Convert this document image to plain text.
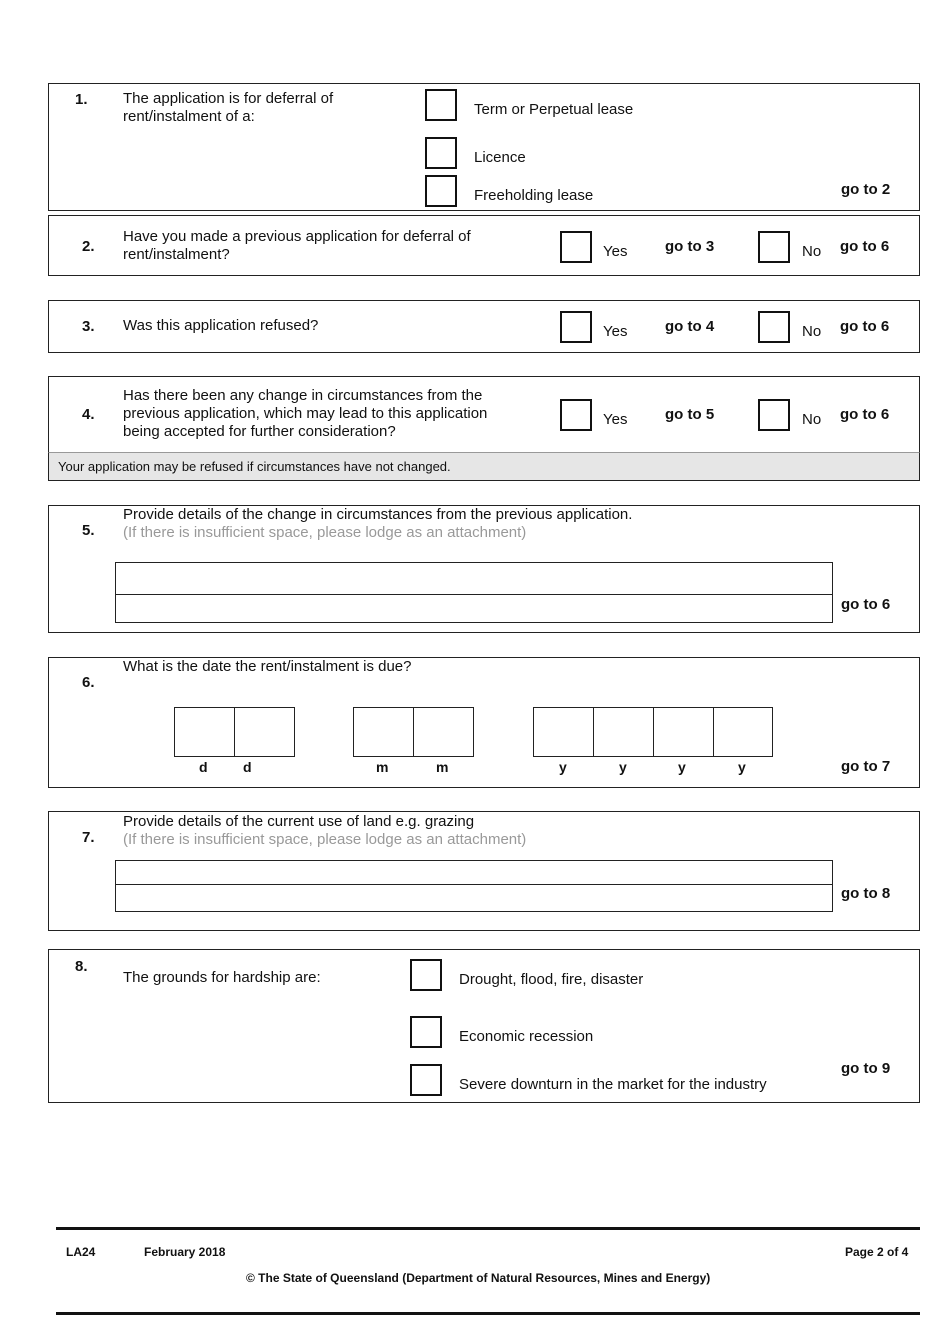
1. The application is for deferral of
rent/instalment of a:	Term or Perpetual lease
Licence
Freeholding lease	go to 2
2.
Have you made a previous application for deferral of
rent/instalment?	Yes	go to 3	No go to 6
3. Was this application refused?	Yes	go to 4	No go to 6
4.
Has there been any change in circumstances from the
previous application, which may lead to this application
being accepted for further consideration?
Yes	go to 5	No go to 6
Your application may be refused if circumstances have not changed.
5.
Provide details of the change in circumstances from the previous application.
(If there is insufficient space, please lodge as an attachment)
go to 6
6.
What is the date the rent/instalment is due?
d	d	m	m	y	y	y	y	go to 7
7.
Provide details of the current use of land e.g. grazing
(If there is insufficient space, please lodge as an attachment)
go to 8
8.
The grounds for hardship are:	Drought, flood, fire, disaster
Economic recession
Severe downturn in the market for the industry
go to 9
LA24	February 2018	Page 2 of 4
© The State of Queensland (Department of Natural Resources, Mines and Energy)
